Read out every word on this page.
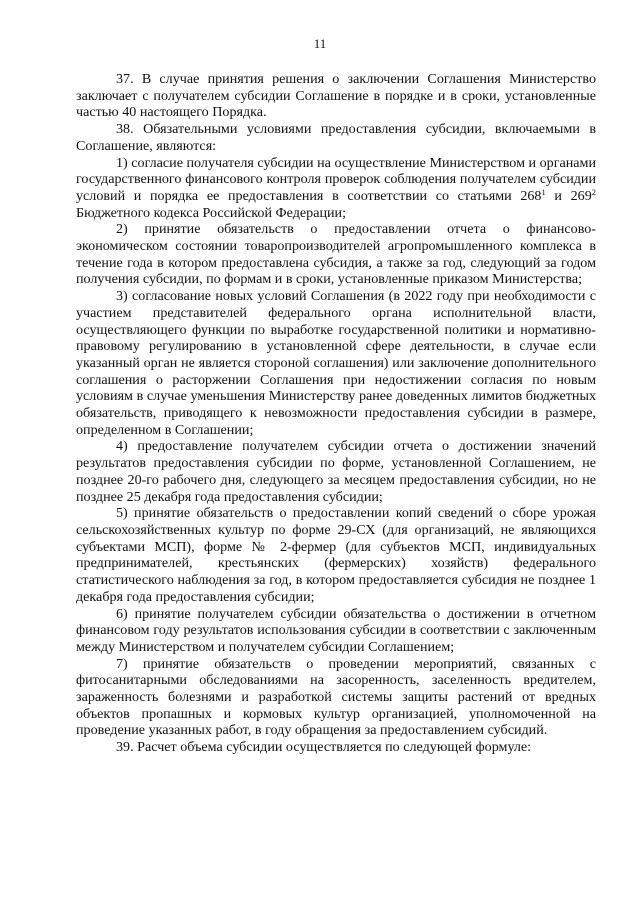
11

37. В случае принятия решения о заключении Соглашения Министерство заключает с получателем субсидии Соглашение в порядке и в сроки, установленные частью 40 настоящего Порядка.

38. Обязательными условиями предоставления субсидии, включаемыми в Соглашение, являются:

1) согласие получателя субсидии на осуществление Министерством и органами государственного финансового контроля проверок соблюдения получателем субсидии условий и порядка ее предоставления в соответствии со статьями $268^1$ и $269^2$ Бюджетного кодекса Российской Федерации;

2) принятие обязательств о предоставлении отчета о финансово-экономическом состоянии товаропроизводителей агропромышленного комплекса в течение года в котором предоставлена субсидия, а также за год, следующий за годом получения субсидии, по формам и в сроки, установленные приказом Министерства;

3) согласование новых условий Соглашения (в 2022 году при необходимости с участием представителей федерального органа исполнительной власти, осуществляющего функции по выработке государственной политики и нормативно-правовому регулированию в установленной сфере деятельности, в случае если указанный орган не является стороной соглашения) или заключение дополнительного соглашения о расторжении Соглашения при недостижении согласия по новым условиям в случае уменьшения Министерству ранее доведенных лимитов бюджетных обязательств, приводящего к невозможности предоставления субсидии в размере, определенном в Соглашении;

4) предоставление получателем субсидии отчета о достижении значений результатов предоставления субсидии по форме, установленной Соглашением, не позднее 20-го рабочего дня, следующего за месяцем предоставления субсидии, но не позднее 25 декабря года предоставления субсидии;

5) принятие обязательств о предоставлении копий сведений о сборе урожая сельскохозяйственных культур по форме 29-СХ (для организаций, не являющихся субъектами МСП), форме № 2-фермер (для субъектов МСП, индивидуальных предпринимателей, крестьянских (фермерских) хозяйств) федерального статистического наблюдения за год, в котором предоставляется субсидия не позднее 1 декабря года предоставления субсидии;

6) принятие получателем субсидии обязательства о достижении в отчетном финансовом году результатов использования субсидии в соответствии с заключенным между Министерством и получателем субсидии Соглашением;

7) принятие обязательств о проведении мероприятий, связанных с фитосанитарными обследованиями на засоренность, заселенность вредителем, зараженность болезнями и разработкой системы защиты растений от вредных объектов пропашных и кормовых культур организацией, уполномоченной на проведение указанных работ, в году обращения за предоставлением субсидий.

39. Расчет объема субсидии осуществляется по следующей формуле:
